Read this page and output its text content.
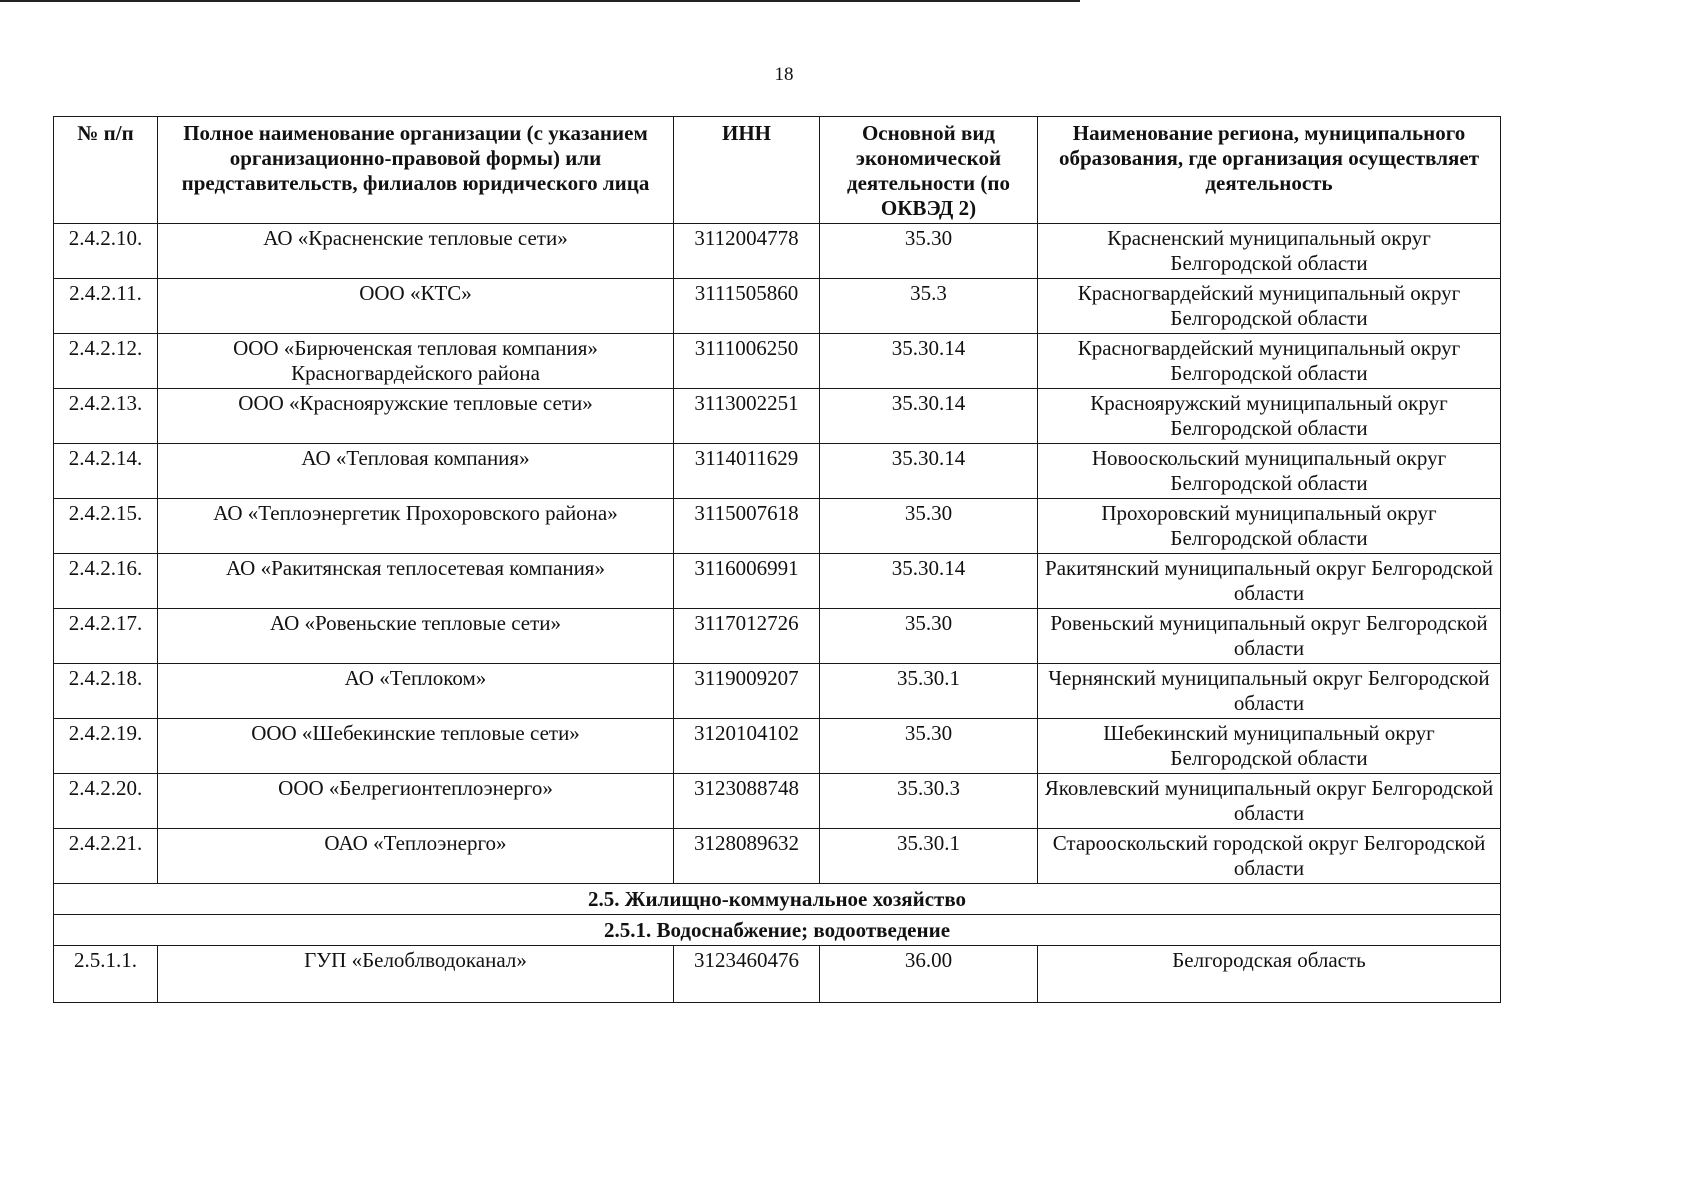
18
№ п/п	Полное наименование организации (с указанием организационно-правовой формы) или представительств, филиалов юридического лица	ИНН	Основной вид экономической деятельности (по ОКВЭД 2)	Наименование региона, муниципального образования, где организация осуществляет деятельность
2.4.2.10.	АО «Красненские тепловые сети»	3112004778	35.30	Красненский муниципальный округ Белгородской области
2.4.2.11.	ООО «КТС»	3111505860	35.3	Красногвардейский муниципальный округ Белгородской области
2.4.2.12.	ООО «Бирюченская тепловая компания» Красногвардейского района	3111006250	35.30.14	Красногвардейский муниципальный округ Белгородской области
2.4.2.13.	ООО «Краснояружские тепловые сети»	3113002251	35.30.14	Краснояружский муниципальный округ Белгородской области
2.4.2.14.	АО «Тепловая компания»	3114011629	35.30.14	Новооскольский муниципальный округ Белгородской области
2.4.2.15.	АО «Теплоэнергетик Прохоровского района»	3115007618	35.30	Прохоровский муниципальный округ Белгородской области
2.4.2.16.	АО «Ракитянская теплосетевая компания»	3116006991	35.30.14	Ракитянский муниципальный округ Белгородской области
2.4.2.17.	АО «Ровеньские тепловые сети»	3117012726	35.30	Ровеньский муниципальный округ Белгородской области
2.4.2.18.	АО «Теплоком»	3119009207	35.30.1	Чернянский муниципальный округ Белгородской области
2.4.2.19.	ООО «Шебекинские тепловые сети»	3120104102	35.30	Шебекинский муниципальный округ Белгородской области
2.4.2.20.	ООО «Белрегионтеплоэнерго»	3123088748	35.30.3	Яковлевский муниципальный округ Белгородской области
2.4.2.21.	ОАО «Теплоэнерго»	3128089632	35.30.1	Старооскольский городской округ Белгородской области
2.5. Жилищно-коммунальное хозяйство				
2.5.1. Водоснабжение; водоотведение				
2.5.1.1.	ГУП «Белоблводоканал»	3123460476	36.00	Белгородская область
